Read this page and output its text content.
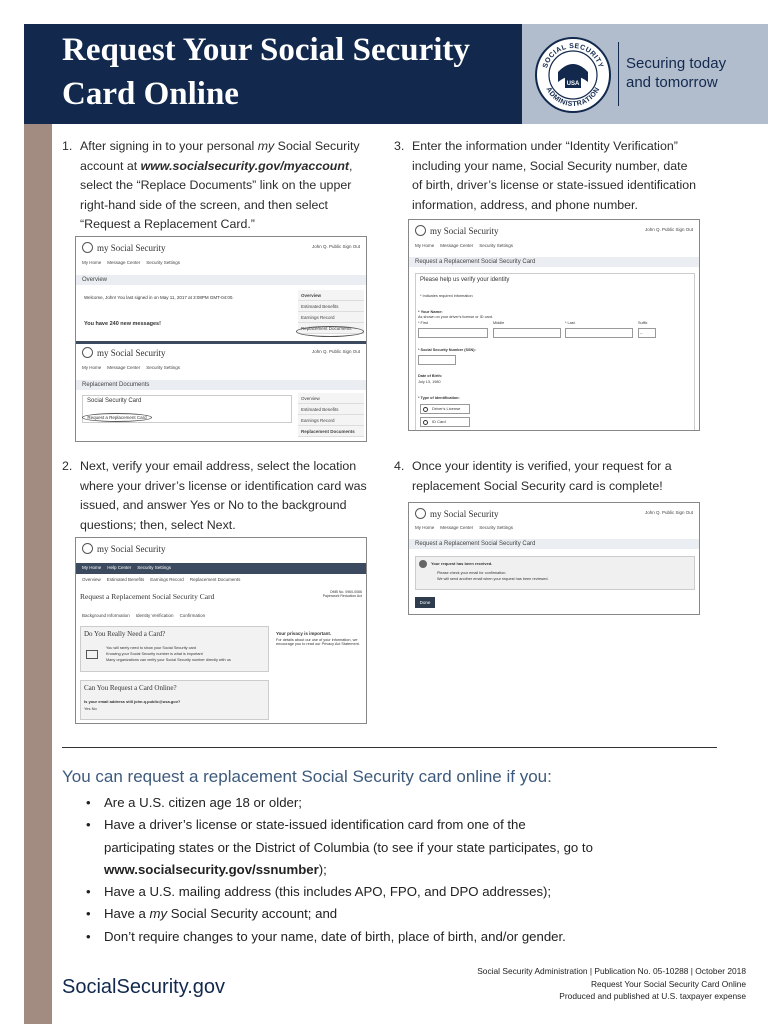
Request Your Social Security
Card Online
SOCIAL SECURITY
ADMINISTRATION
USA
Securing today
and tomorrow
1. After signing in to your personal my Social Security
account at www.socialsecurity.gov/myaccount,
select the “Replace Documents” link on the upper
right-hand side of the screen, and then select
“Request a Replacement Card.”
2. Next, verify your email address, select the location
where your driver’s license or identification card was
issued, and answer Yes or No to the background
questions; then, select Next.
3. Enter the information under “Identity Verification”
including your name, Social Security number, date
of birth, driver’s license or state-issued identification
information, address, and phone number.
4. Once your identity is verified, your request for a
replacement Social Security card is complete!
my Social Security	John Q. Public Sign Out
My Home Message Center Security Settings
Overview
Welcome, John! You last signed in on May 11, 2017 at 3:08PM GMT-04:00.
You have 240 new messages!
Overview
Estimated Benefits
Earnings Record
Replacement Documents
my Social Security	John Q. Public Sign Out
My Home Message Center Security Settings
Replacement Documents
Social Security Card
Request a Replacement Card
Overview
Estimated Benefits
Earnings Record
Replacement Documents
my Social Security
My Home Help Center Security Settings
Overview Estimated Benefits Earnings Record Replacement Documents
Request a Replacement Social Security Card	OMB No. 0960-0066
Paperwork Reduction Act
Background Information Identity Verification Confirmation
Do You Really Need a Card?
You will rarely need to show your Social Security card
Knowing your Social Security number is what is important
Many organizations can verify your Social Security number directly with us
Your privacy is important.
For details about our use of your information, we encourage you to read our Privacy Act Statement.
Can You Request a Card Online?
Is your email address still john.q.public@usa.gov?
Yes No
my Social Security	John Q. Public Sign Out
My Home Message Center Security Settings
Request a Replacement Social Security Card
Please help us verify your identity
* Indicates required information
* Your Name:
As shown on your driver's license or ID card.
* First	Middle	* Last	Suffix
--
* Social Security Number (SSN):
Date of Birth:
July 13, 1980
* Type of Identification:
Driver's License
ID Card
my Social Security	John Q. Public Sign Out
My Home Message Center Security Settings
Request a Replacement Social Security Card
Your request has been received.
Please check your email for confirmation.
We will send another email when your request has been reviewed.
Done
You can request a replacement Social Security card online if you:
• Are a U.S. citizen age 18 or older;
• Have a driver’s license or state-issued identification card from one of the
participating states or the District of Columbia (to see if your state participates, go to
www.socialsecurity.gov/ssnumber);
• Have a U.S. mailing address (this includes APO, FPO, and DPO addresses);
• Have a my Social Security account; and
• Don’t require changes to your name, date of birth, place of birth, and/or gender.
SocialSecurity.gov
Social Security Administration | Publication No. 05-10288 | October 2018
Request Your Social Security Card Online
Produced and published at U.S. taxpayer expense
